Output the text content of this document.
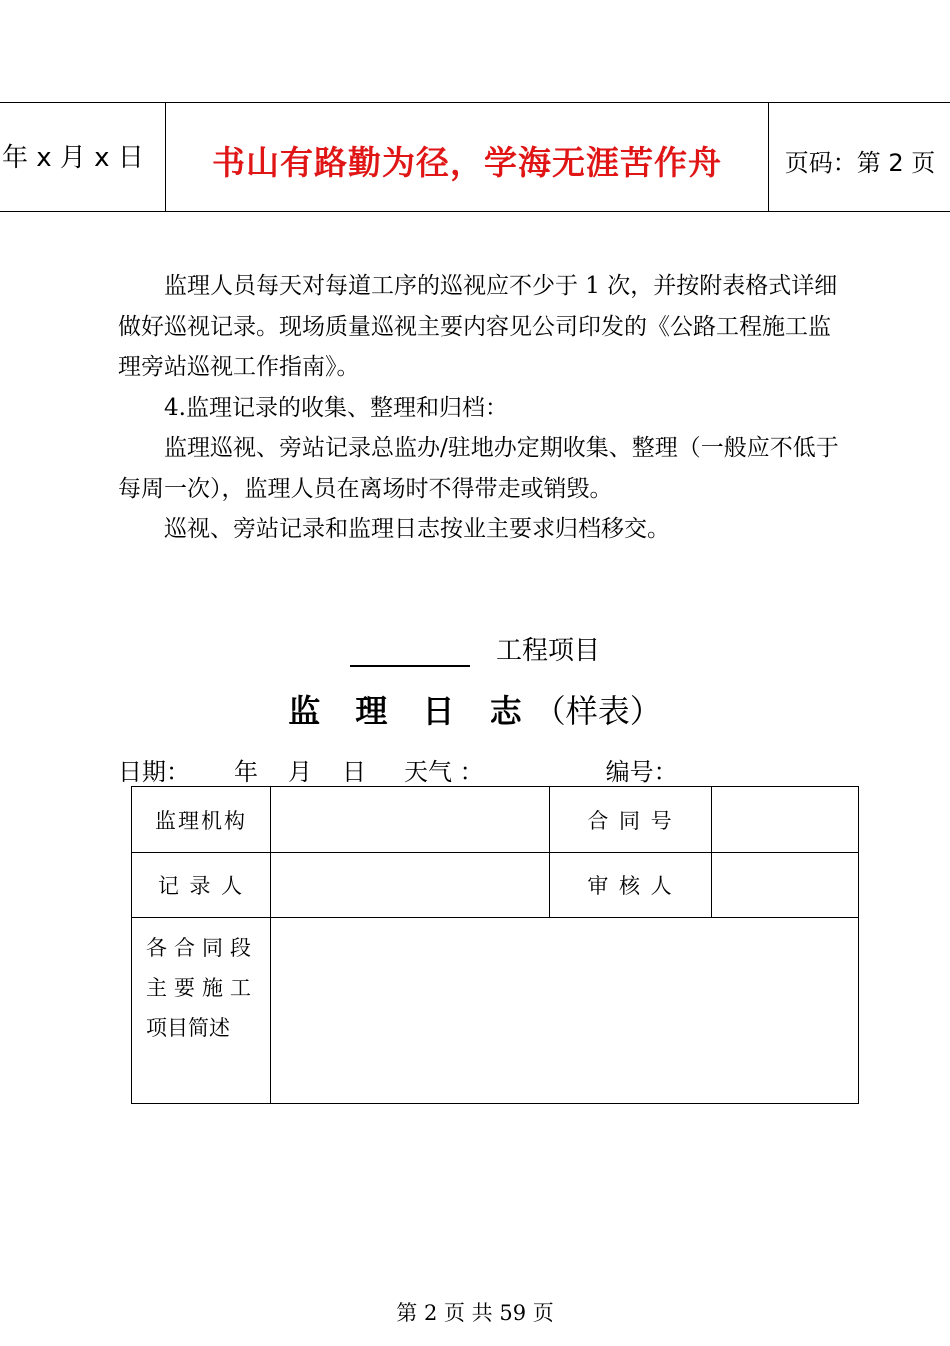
年 x 月 x 日	书山有路勤为径，学海无涯苦作舟	页码：第 2 页

监理人员每天对每道工序的巡视应不少于 1 次，并按附表格式详细做好巡视记录。现场质量巡视主要内容见公司印发的《公路工程施工监理旁站巡视工作指南》。

4.监理记录的收集、整理和归档：

监理巡视、旁站记录总监办/驻地办定期收集、整理（一般应不低于每周一次），监理人员在离场时不得带走或销毁。

巡视、旁站记录和监理日志按业主要求归档移交。

工程项目
监 理 日 志（样表）
日期： 年 月 日 天气 ：	编号：
监理机构		合 同 号	
记 录 人		审 核 人	

各合同段
主要施工
项目简述			

第 2 页 共 59 页
